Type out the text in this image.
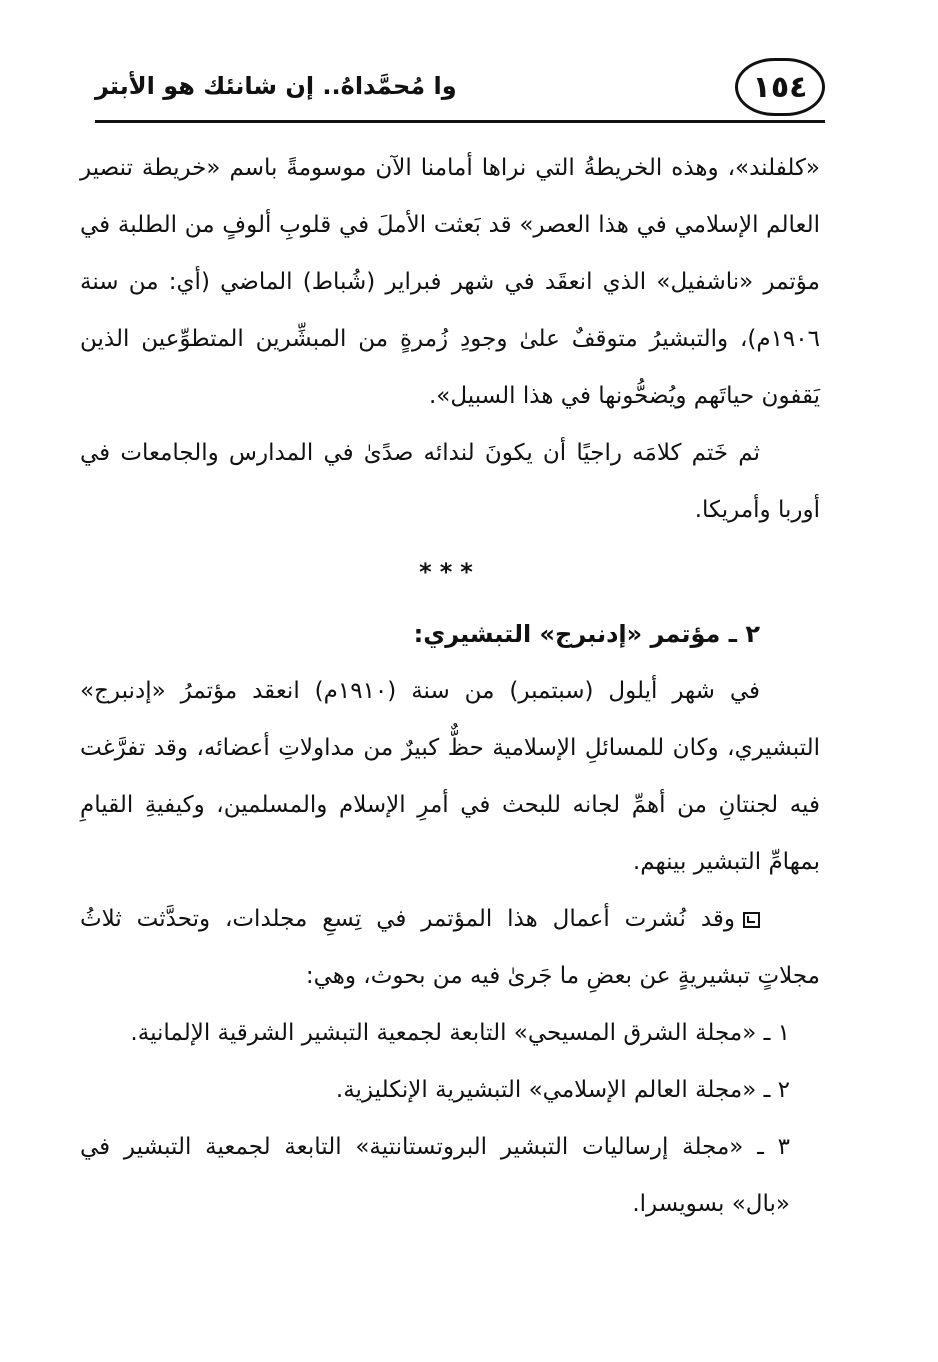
١٥٤
وا مُحمَّداهُ.. إن شانئك هو الأبتر

«كلفلند»، وهذه الخريطةُ التي نراها أمامنا الآن موسومةً باسم «خريطة تنصير العالم الإسلامي في هذا العصر» قد بَعثت الأملَ في قلوبِ ألوفٍ من الطلبة في مؤتمر «ناشفيل» الذي انعقَد في شهر فبراير (شُباط) الماضي (أي: من سنة ١٩٠٦م)، والتبشيرُ متوقفٌ علىٰ وجودِ زُمرةٍ من المبشِّرين المتطوِّعين الذين يَقفون حياتَهم ويُضحُّونها في هذا السبيل».

ثم خَتم كلامَه راجيًا أن يكونَ لندائه صدًىٰ في المدارس والجامعات في أوربا وأمريكا.

***

٢ ـ مؤتمر «إدنبرج» التبشيري:

في شهر أيلول (سبتمبر) من سنة (١٩١٠م) انعقد مؤتمرُ «إدنبرج» التبشيري، وكان للمسائلِ الإسلامية حظٌّ كبيرٌ من مداولاتِ أعضائه، وقد تفرَّغت فيه لجنتانِ من أهمِّ لجانه للبحث في أمرِ الإسلام والمسلمين، وكيفيةِ القيامِ بمهامِّ التبشير بينهم.

وقد نُشرت أعمال هذا المؤتمر في تِسعِ مجلدات، وتحدَّثت ثلاثُ مجلاتٍ تبشيريةٍ عن بعضِ ما جَرىٰ فيه من بحوث، وهي:

١ ـ «مجلة الشرق المسيحي» التابعة لجمعية التبشير الشرقية الإلمانية.

٢ ـ «مجلة العالم الإسلامي» التبشيرية الإنكليزية.

٣ ـ «مجلة إرساليات التبشير البروتستانتية» التابعة لجمعية التبشير في «بال» بسويسرا.
